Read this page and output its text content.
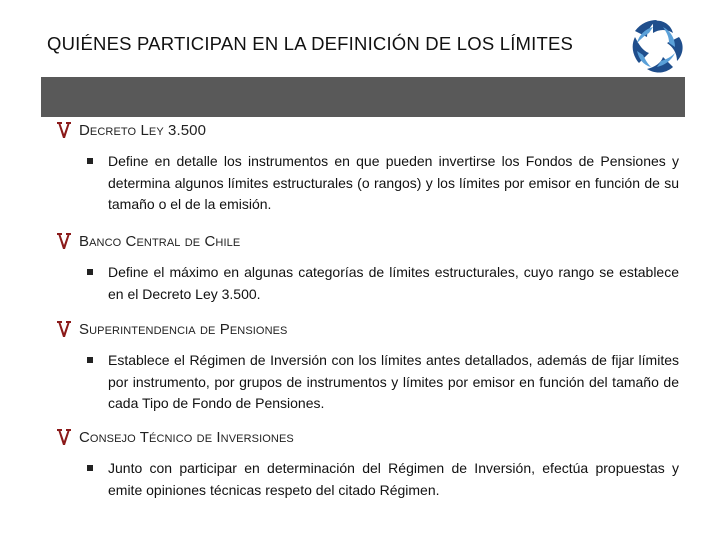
QUIÉNES PARTICIPAN EN LA DEFINICIÓN DE LOS LÍMITES
Decreto Ley 3.500
Define en detalle los instrumentos en que pueden invertirse los Fondos de Pensiones y determina algunos límites estructurales (o rangos) y los límites por emisor en función de su tamaño o el de la emisión.
Banco Central de Chile
Define el máximo en algunas categorías de límites estructurales, cuyo rango se establece en el Decreto Ley 3.500.
Superintendencia de Pensiones
Establece el Régimen de Inversión con los límites antes detallados, además de fijar límites por instrumento, por grupos de instrumentos y límites por emisor en función del tamaño de cada Tipo de Fondo de Pensiones.
Consejo Técnico de Inversiones
Junto con participar en determinación del Régimen de Inversión, efectúa propuestas y emite opiniones técnicas respeto del citado Régimen.
